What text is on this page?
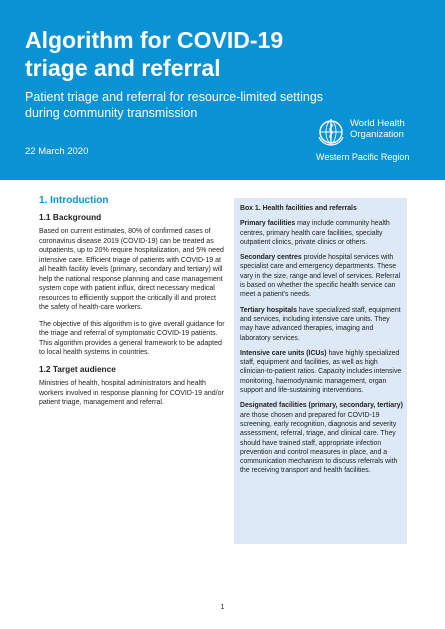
Algorithm for COVID-19 triage and referral
Patient triage and referral for resource-limited settings during community transmission
22 March 2020
World Health Organization
Western Pacific Region
1. Introduction
1.1 Background
Based on current estimates, 80% of confirmed cases of coronavirus disease 2019 (COVID-19) can be treated as outpatients, up to 20% require hospitalization, and 5% need intensive care. Efficient triage of patients with COVID-19 at all health facility levels (primary, secondary and tertiary) will help the national response planning and case management system cope with patient influx, direct necessary medical resources to efficiently support the critically ill and protect the safety of health-care workers.
The objective of this algorithm is to give overall guidance for the triage and referral of symptomatic COVID-19 patients. This algorithm provides a general framework to be adapted to local health systems in countries.
1.2 Target audience
Ministries of health, hospital administrators and health workers involved in response planning for COVID-19 and/or patient triage, management and referral.
Box 1. Health facilities and referrals
Primary facilities may include community health centres, primary health care facilities, specialty outpatient clinics, private clinics or others.
Secondary centres provide hospital services with specialist care and emergency departments. These vary in the size, range and level of services. Referral is based on whether the specific health service can meet a patient's needs.
Tertiary hospitals have specialized staff, equipment and services, including intensive care units. They may have advanced therapies, imaging and laboratory services.
Intensive care units (ICUs) have highly specialized staff, equipment and facilities, as well as high clinician-to-patient ratios. Capacity includes intensive monitoring, haemodynamic management, organ support and life-sustaining interventions.
Designated facilities (primary, secondary, tertiary) are those chosen and prepared for COVID-19 screening, early recognition, diagnosis and severity assessment, referral, triage, and clinical care. They should have trained staff, appropriate infection prevention and control measures in place, and a communication mechanism to discuss referrals with the receiving transport and health facilities.
1
